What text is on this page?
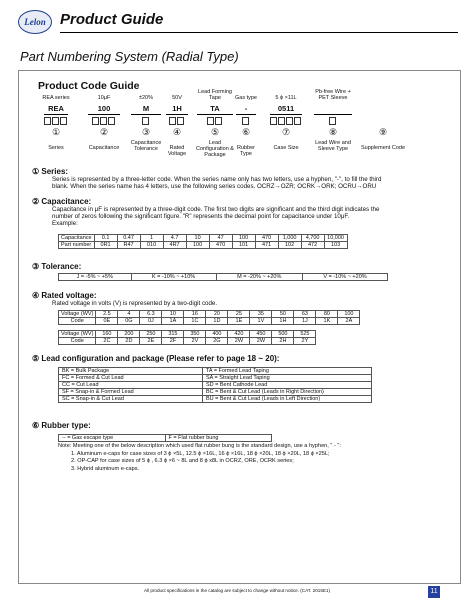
Lelon Product Guide
Part Numbering System (Radial Type)
Product Code Guide
REA series
REA
①
Series
10μF
100
②
Capacitance
±20%
M
③
Capacitance Tolerance
50V
1H
④
Rated Voltage
Lead Forming Tape
TA
⑤
Lead Configuration & Package
Gas type
-
⑥
Rubber Type
5 ϕ ×11L
0511
⑦
Case Size
Pb-free Wire + PET Sleeve
⑧
Lead Wire and Sleeve Type
⑨
Supplement Code
① Series:
Series is represented by a three-letter code. When the series name only has two letters, use a hyphen, "-", to fill the third
blank. When the series name has 4 letters, use the following series codes. OCRZ→OZR; OCRK→ORK; OCRU→ORU
② Capacitance:
Capacitance in μF is represented by a three-digit code. The first two digits are significant and the third digit indicates the
number of zeros following the significant figure. "R" represents the decimal point for capacitance under 10μF.
Example:
Capacitance	0.1	0.47	1	4.7	10	47	100	470	1,000	4,700	10,000
Part number	0R1	R47	010	4R7	100	470	101	471	102	472	103
③ Tolerance:
J = -5% ~ +5%	K = -10% ~ +10%	M = -20% ~ +20%	V = -10% ~ +20%
④ Rated voltage:
Rated voltage in volts (V) is represented by a two-digit code.
Voltage (WV)	2.5	4	6.3	10	16	20	25	35	50	63	80	100
Code	0E	0G	0J	1A	1C	1D	1E	1V	1H	1J	1K	2A
Voltage (WV)	160	200	250	315	350	400	420	450	500	525
Code	2C	2D	2E	2F	2V	2G	2W	2W	2H	2Y
⑤ Lead configuration and package (Please refer to page 18 ~ 20):
BK = Bulk Package	TA = Formed Lead Taping
FC = Formed & Cut Lead	SA = Straight Lead Taping
CC = Cut Lead	SD = Bent Cathode Lead
SF = Snap-in & Formed Lead	BC = Bent & Cut Lead (Leads in Right Direction)
SC = Snap-in & Cut Lead	BU = Bent & Cut Lead (Leads in Left Direction)
⑥ Rubber type:
-- = Gas escape type	F = Flat rubber bung
Note: Meeting one of the below description which used flat rubber bung is the standard design, use a hyphen, " - ":
1. Aluminum e-caps for case sizes of 3 ϕ ×5L, 12.5 ϕ ×16L, 16 ϕ ×16L, 18 ϕ ×20L, 18 ϕ ×20L, 18 ϕ ×25L;
2. OP-CAP for case sizes of 5 ϕ , 6.3 ϕ ×6 ~ 8L and 8 ϕ x8L in OCRZ, ORE, OCRK series;
3. Hybrid aluminum e-caps.
All product specifications in the catalog are subject to change without notice. (CAT. 2016E1)	11
